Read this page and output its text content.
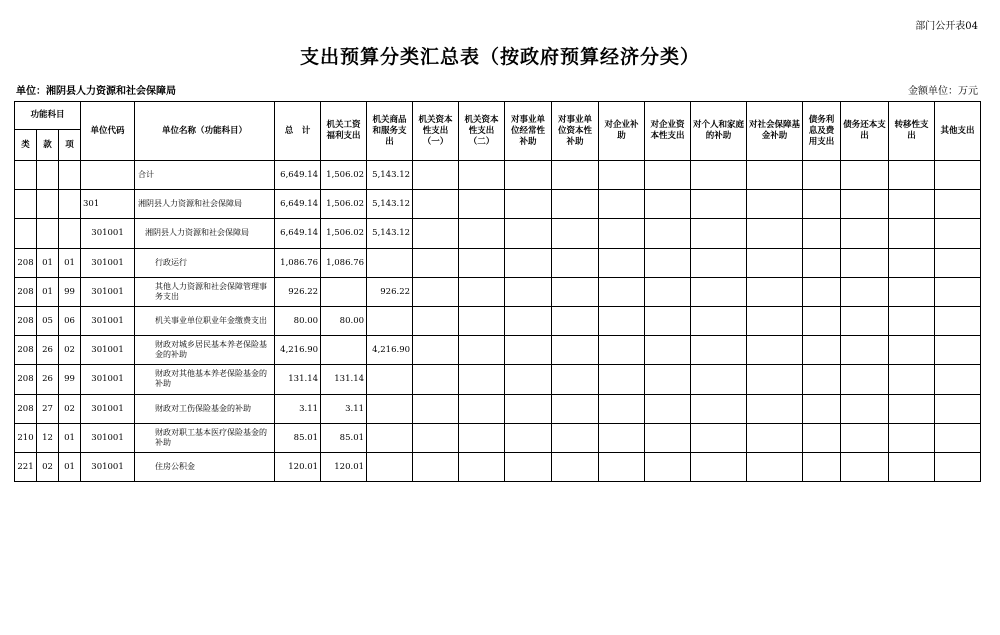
部门公开表04
支出预算分类汇总表（按政府预算经济分类）
单位：湘阴县人力资源和社会保障局	金额单位：万元
功能科目			单位代码	单位名称（功能科目）	总　计	机关工资福利支出	机关商品和服务支出	机关资本性支出（一）	机关资本性支出（二）	对事业单位经常性补助	对事业单位资本性补助	对企业补助	对企业资本性支出	对个人和家庭的补助	对社会保障基金补助	债务利息及费用支出	债务还本支出	转移性支出	其他支出
类	款	项																	
				合计	6,649.14	1,506.02	5,143.12												
			301	湘阴县人力资源和社会保障局	6,649.14	1,506.02	5,143.12												
			301001	湘阴县人力资源和社会保障局	6,649.14	1,506.02	5,143.12												
208	01	01	301001	行政运行	1,086.76	1,086.76													
208	01	99	301001	其他人力资源和社会保障管理事务支出	926.22		926.22												
208	05	06	301001	机关事业单位职业年金缴费支出	80.00	80.00													
208	26	02	301001	财政对城乡居民基本养老保险基金的补助	4,216.90		4,216.90												
208	26	99	301001	财政对其他基本养老保险基金的补助	131.14	131.14													
208	27	02	301001	财政对工伤保险基金的补助	3.11	3.11													
210	12	01	301001	财政对职工基本医疗保险基金的补助	85.01	85.01													
221	02	01	301001	住房公积金	120.01	120.01													
